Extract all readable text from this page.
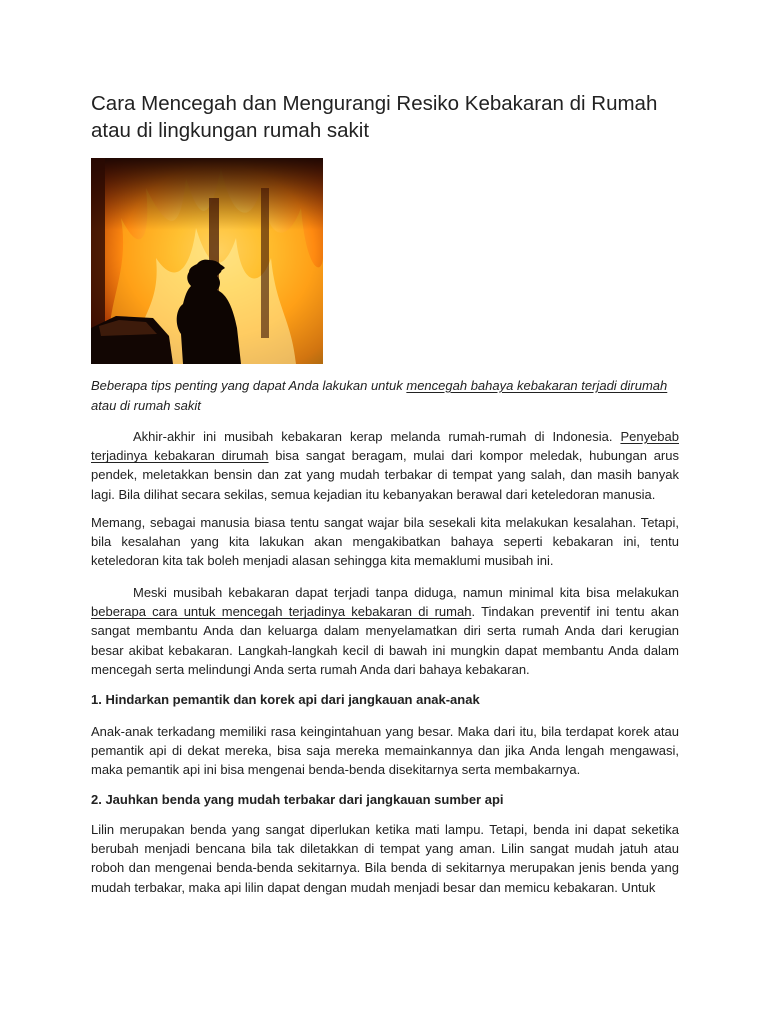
Cara Mencegah dan Mengurangi Resiko Kebakaran di Rumah atau di lingkungan rumah sakit

Beberapa tips penting yang dapat Anda lakukan untuk mencegah bahaya kebakaran terjadi dirumah atau di rumah sakit

Akhir-akhir ini musibah kebakaran kerap melanda rumah-rumah di Indonesia. Penyebab terjadinya kebakaran dirumah bisa sangat beragam, mulai dari kompor meledak, hubungan arus pendek, meletakkan bensin dan zat yang mudah terbakar di tempat yang salah, dan masih banyak lagi. Bila dilihat secara sekilas, semua kejadian itu kebanyakan berawal dari keteledoran manusia.

Memang, sebagai manusia biasa tentu sangat wajar bila sesekali kita melakukan kesalahan. Tetapi, bila kesalahan yang kita lakukan akan mengakibatkan bahaya seperti kebakaran ini, tentu keteledoran kita tak boleh menjadi alasan sehingga kita memaklumi musibah ini.

Meski musibah kebakaran dapat terjadi tanpa diduga, namun minimal kita bisa melakukan beberapa cara untuk mencegah terjadinya kebakaran di rumah. Tindakan preventif ini tentu akan sangat membantu Anda dan keluarga dalam menyelamatkan diri serta rumah Anda dari kerugian besar akibat kebakaran. Langkah-langkah kecil di bawah ini mungkin dapat membantu Anda dalam mencegah serta melindungi Anda serta rumah Anda dari bahaya kebakaran.

1. Hindarkan pemantik dan korek api dari jangkauan anak-anak

Anak-anak terkadang memiliki rasa keingintahuan yang besar. Maka dari itu, bila terdapat korek atau pemantik api di dekat mereka, bisa saja mereka memainkannya dan jika Anda lengah mengawasi, maka pemantik api ini bisa mengenai benda-benda disekitarnya serta membakarnya.

2. Jauhkan benda yang mudah terbakar dari jangkauan sumber api

Lilin merupakan benda yang sangat diperlukan ketika mati lampu. Tetapi, benda ini dapat seketika berubah menjadi bencana bila tak diletakkan di tempat yang aman. Lilin sangat mudah jatuh atau roboh dan mengenai benda-benda sekitarnya. Bila benda di sekitarnya merupakan jenis benda yang mudah terbakar, maka api lilin dapat dengan mudah menjadi besar dan memicu kebakaran. Untuk
